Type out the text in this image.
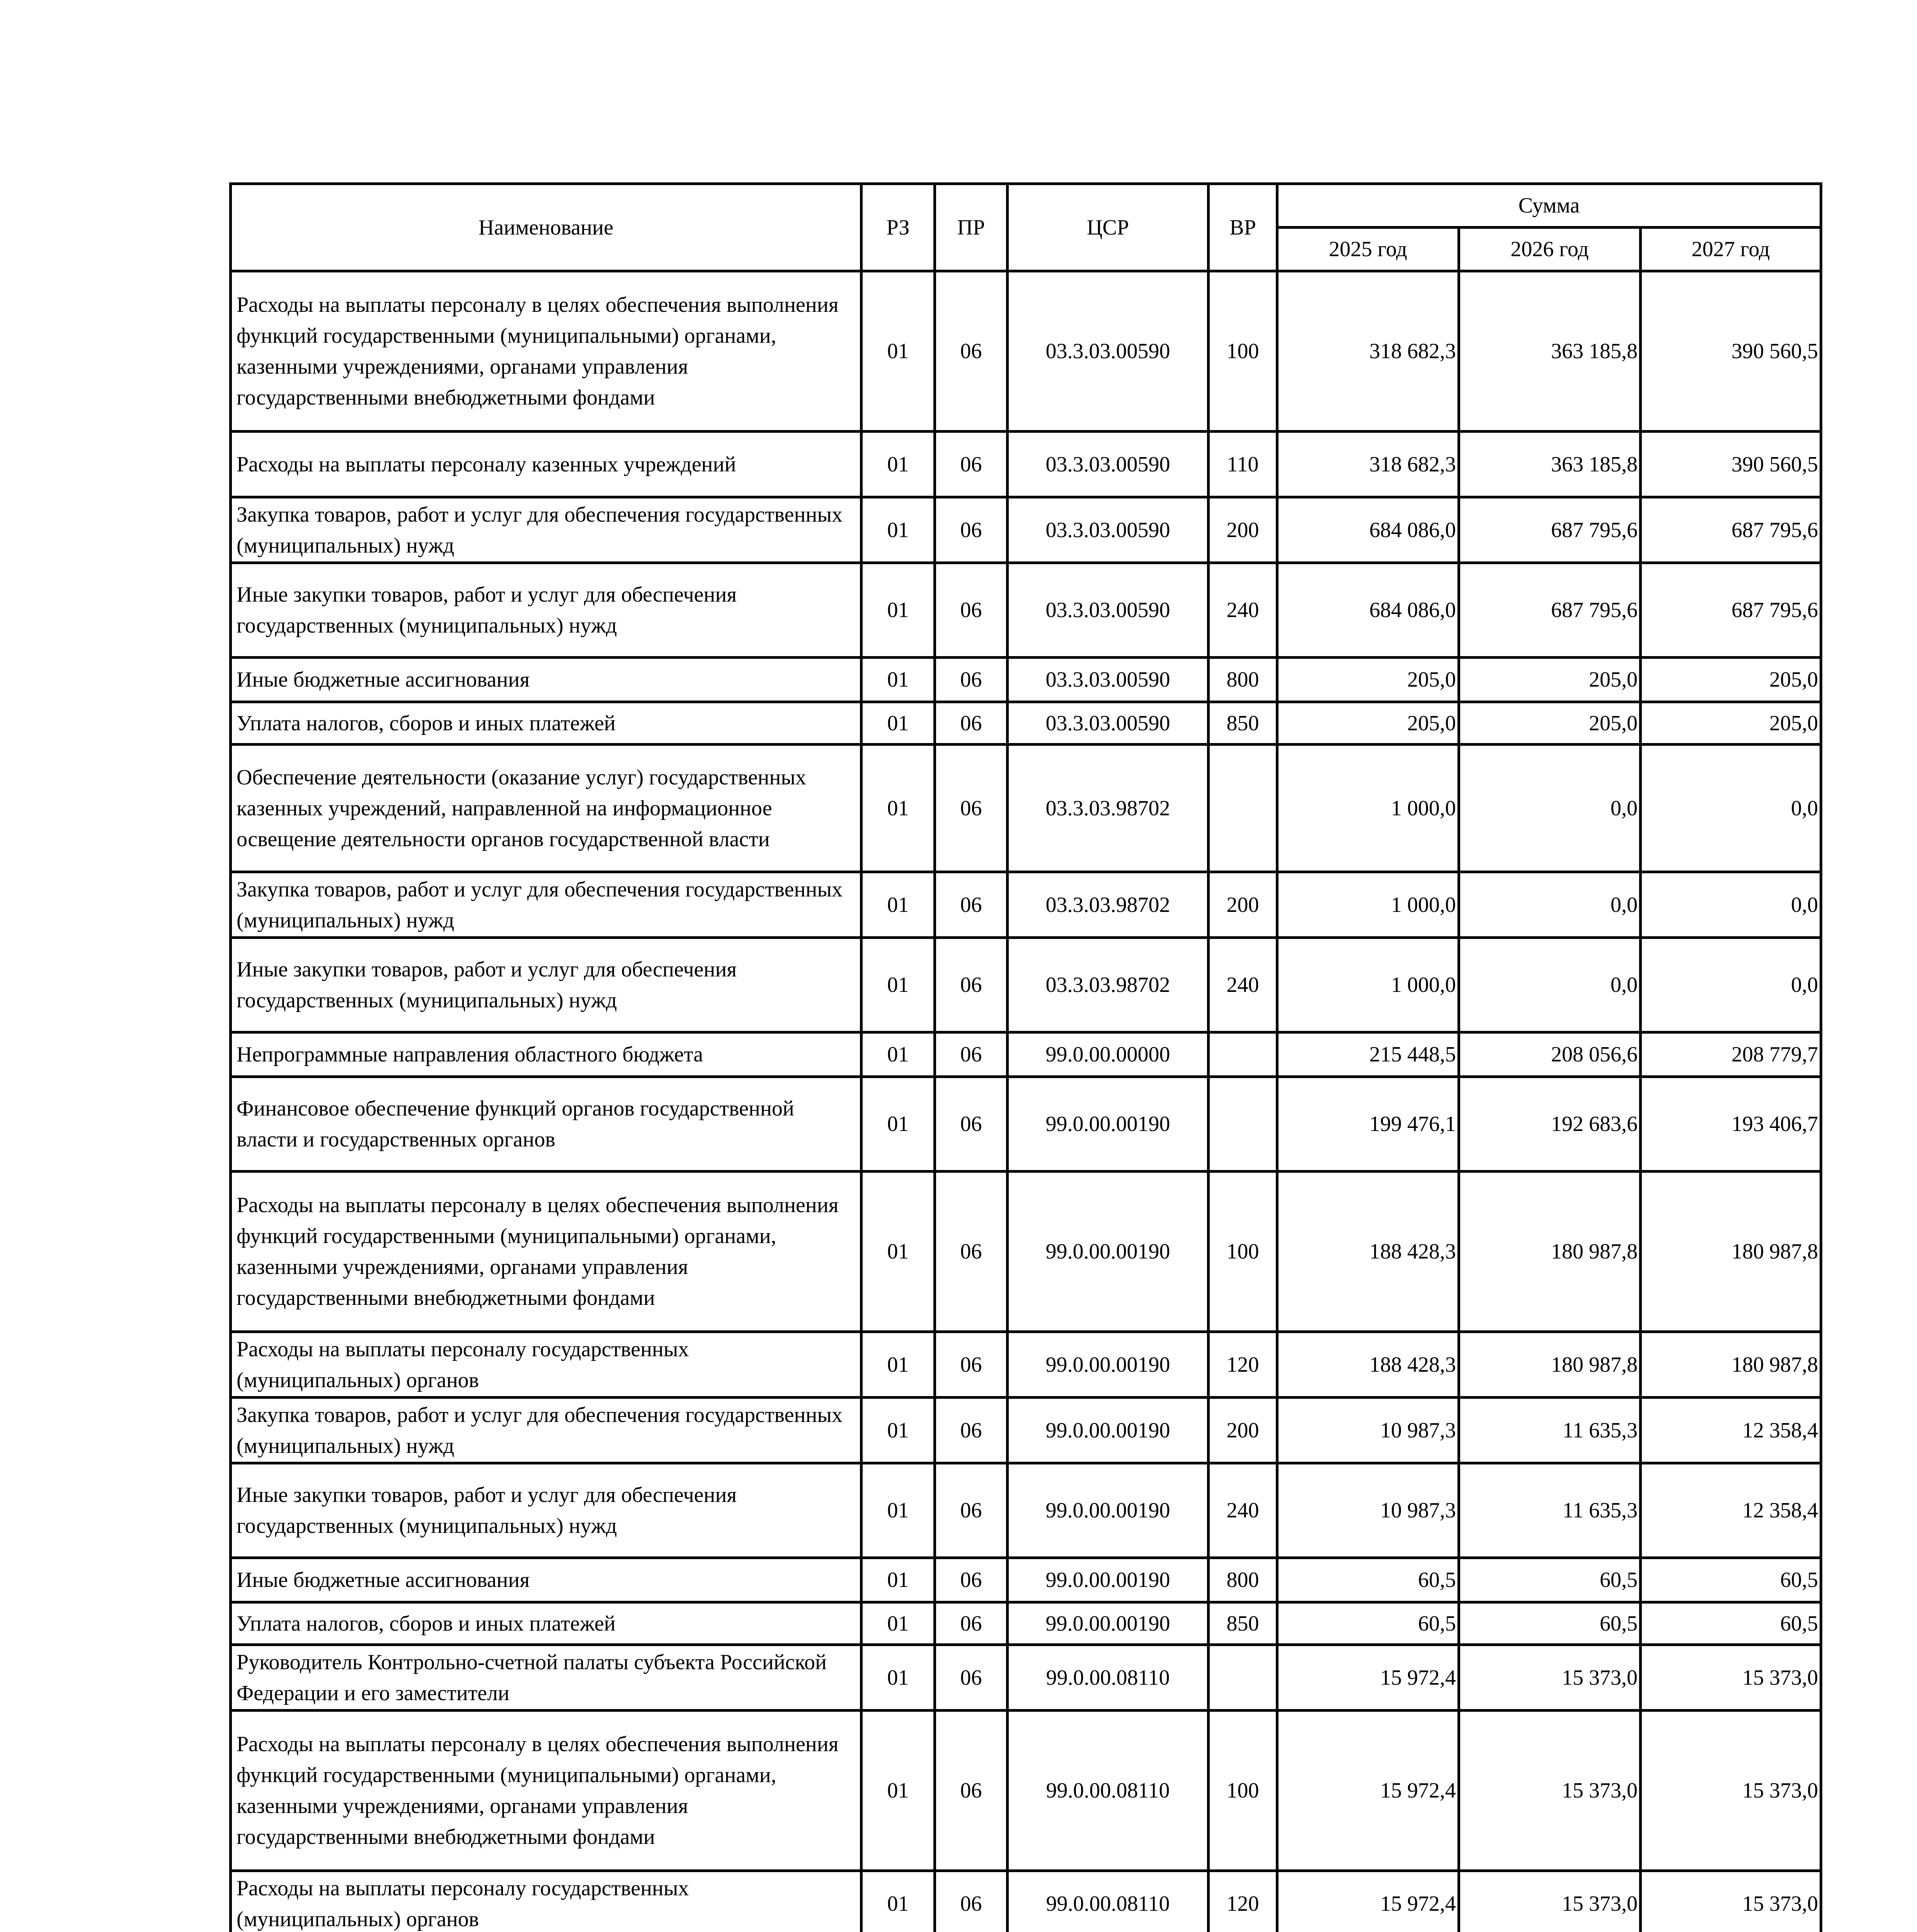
Наименование	РЗ	ПР	ЦСР	ВР	Сумма		
					2025 год	2026 год	2027 год
Расходы на выплаты персоналу в целях обеспечения выполнения функций государственными (муниципальными) органами, казенными учреждениями, органами управления государственными внебюджетными фондами	01	06	03.3.03.00590	100	318 682,3	363 185,8	390 560,5
Расходы на выплаты персоналу казенных учреждений	01	06	03.3.03.00590	110	318 682,3	363 185,8	390 560,5
Закупка товаров, работ и услуг для обеспечения государственных (муниципальных) нужд	01	06	03.3.03.00590	200	684 086,0	687 795,6	687 795,6
Иные закупки товаров, работ и услуг для обеспечения государственных (муниципальных) нужд	01	06	03.3.03.00590	240	684 086,0	687 795,6	687 795,6
Иные бюджетные ассигнования	01	06	03.3.03.00590	800	205,0	205,0	205,0
Уплата налогов, сборов и иных платежей	01	06	03.3.03.00590	850	205,0	205,0	205,0
Обеспечение деятельности (оказание услуг) государственных казенных учреждений, направленной на информационное освещение деятельности органов государственной власти	01	06	03.3.03.98702		1 000,0	0,0	0,0
Закупка товаров, работ и услуг для обеспечения государственных (муниципальных) нужд	01	06	03.3.03.98702	200	1 000,0	0,0	0,0
Иные закупки товаров, работ и услуг для обеспечения государственных (муниципальных) нужд	01	06	03.3.03.98702	240	1 000,0	0,0	0,0
Непрограммные направления областного бюджета	01	06	99.0.00.00000		215 448,5	208 056,6	208 779,7
Финансовое обеспечение функций органов государственной власти и государственных органов	01	06	99.0.00.00190		199 476,1	192 683,6	193 406,7
Расходы на выплаты персоналу в целях обеспечения выполнения функций государственными (муниципальными) органами, казенными учреждениями, органами управления государственными внебюджетными фондами	01	06	99.0.00.00190	100	188 428,3	180 987,8	180 987,8
Расходы на выплаты персоналу государственных (муниципальных) органов	01	06	99.0.00.00190	120	188 428,3	180 987,8	180 987,8
Закупка товаров, работ и услуг для обеспечения государственных (муниципальных) нужд	01	06	99.0.00.00190	200	10 987,3	11 635,3	12 358,4
Иные закупки товаров, работ и услуг для обеспечения государственных (муниципальных) нужд	01	06	99.0.00.00190	240	10 987,3	11 635,3	12 358,4
Иные бюджетные ассигнования	01	06	99.0.00.00190	800	60,5	60,5	60,5
Уплата налогов, сборов и иных платежей	01	06	99.0.00.00190	850	60,5	60,5	60,5
Руководитель Контрольно-счетной палаты субъекта Российской Федерации и его заместители	01	06	99.0.00.08110		15 972,4	15 373,0	15 373,0
Расходы на выплаты персоналу в целях обеспечения выполнения функций государственными (муниципальными) органами, казенными учреждениями, органами управления государственными внебюджетными фондами	01	06	99.0.00.08110	100	15 972,4	15 373,0	15 373,0
Расходы на выплаты персоналу государственных (муниципальных) органов	01	06	99.0.00.08110	120	15 972,4	15 373,0	15 373,0
